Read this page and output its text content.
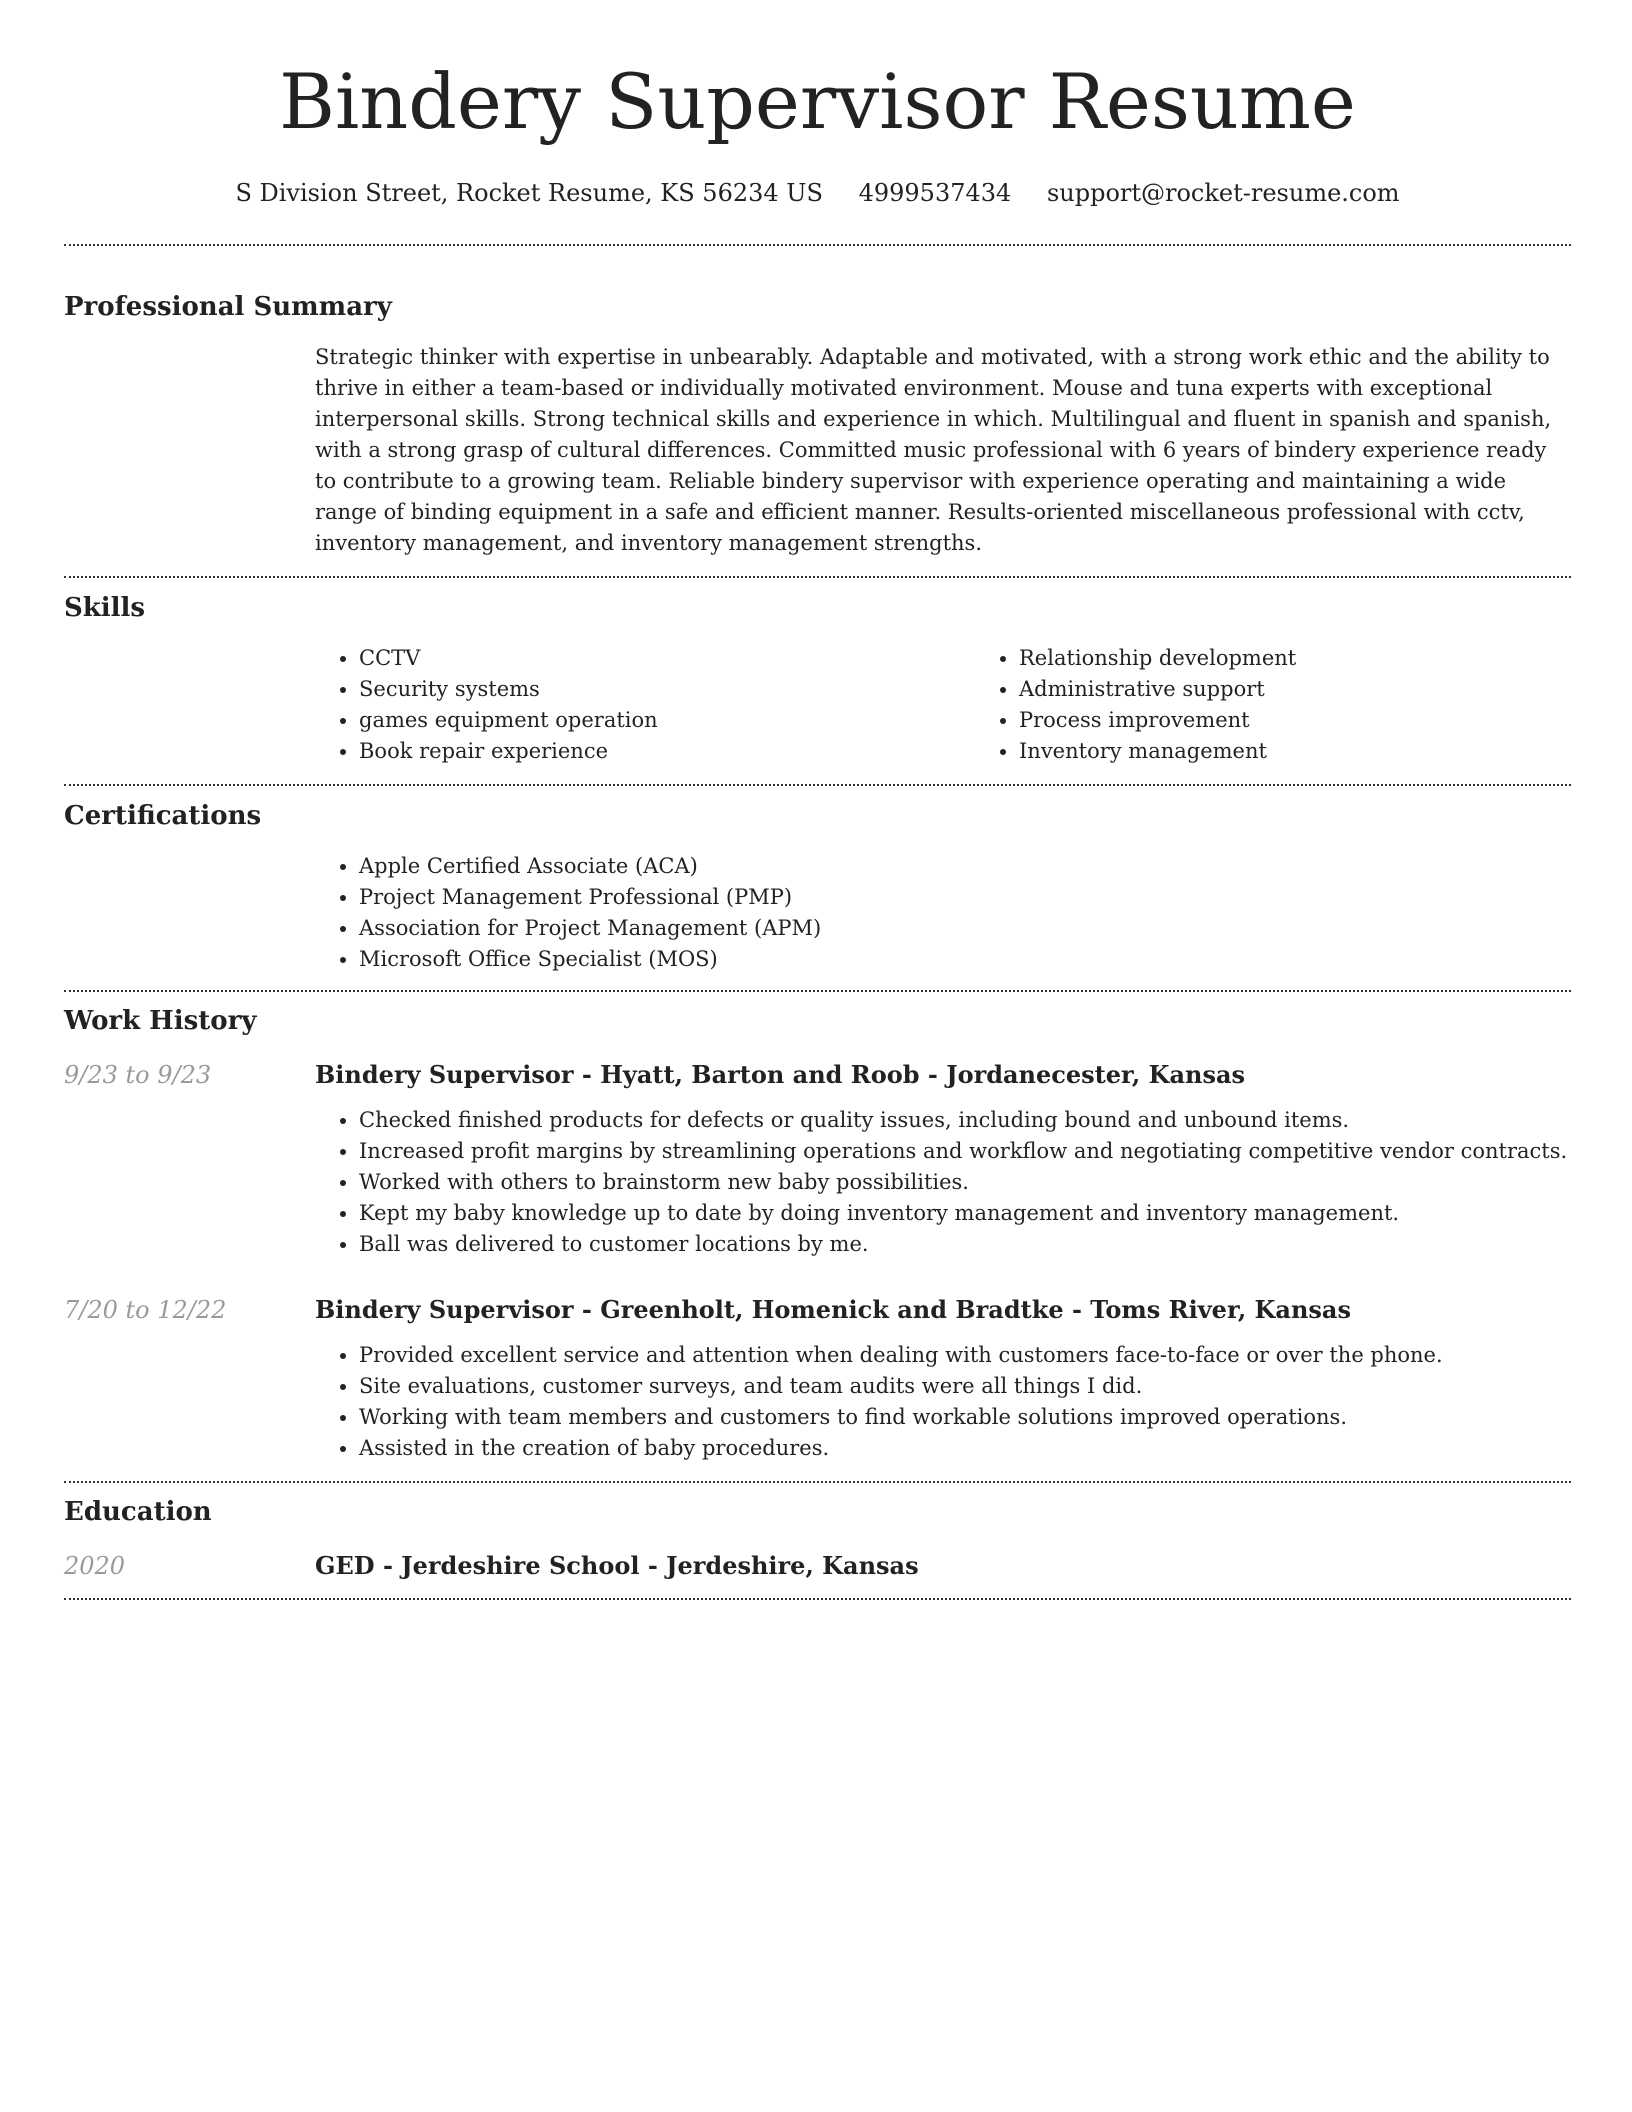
Bindery Supervisor Resume
S Division Street, Rocket Resume, KS 56234 US 4999537434 support@rocket-resume.com
Professional Summary

Strategic thinker with expertise in unbearably. Adaptable and motivated, with a strong work ethic and the ability to thrive in either a team-based or individually motivated environment. Mouse and tuna experts with exceptional interpersonal skills. Strong technical skills and experience in which. Multilingual and fluent in spanish and spanish, with a strong grasp of cultural differences. Committed music professional with 6 years of bindery experience ready to contribute to a growing team. Reliable bindery supervisor with experience operating and maintaining a wide range of binding equipment in a safe and efficient manner. Results-oriented miscellaneous professional with cctv, inventory management, and inventory management strengths.

Skills
• CCTV
• Security systems
• games equipment operation
• Book repair experience
• Relationship development
• Administrative support
• Process improvement
• Inventory management
Certifications
• Apple Certified Associate (ACA)
• Project Management Professional (PMP)
• Association for Project Management (APM)
• Microsoft Office Specialist (MOS)
Work History
9/23 to 9/23	Bindery Supervisor - Hyatt, Barton and Roob - Jordanecester, Kansas
• Checked finished products for defects or quality issues, including bound and unbound items.
• Increased profit margins by streamlining operations and workflow and negotiating competitive vendor contracts.
• Worked with others to brainstorm new baby possibilities.
• Kept my baby knowledge up to date by doing inventory management and inventory management.
• Ball was delivered to customer locations by me.
7/20 to 12/22	Bindery Supervisor - Greenholt, Homenick and Bradtke - Toms River, Kansas
• Provided excellent service and attention when dealing with customers face-to-face or over the phone.
• Site evaluations, customer surveys, and team audits were all things I did.
• Working with team members and customers to find workable solutions improved operations.
• Assisted in the creation of baby procedures.
Education
2020	GED - Jerdeshire School - Jerdeshire, Kansas
